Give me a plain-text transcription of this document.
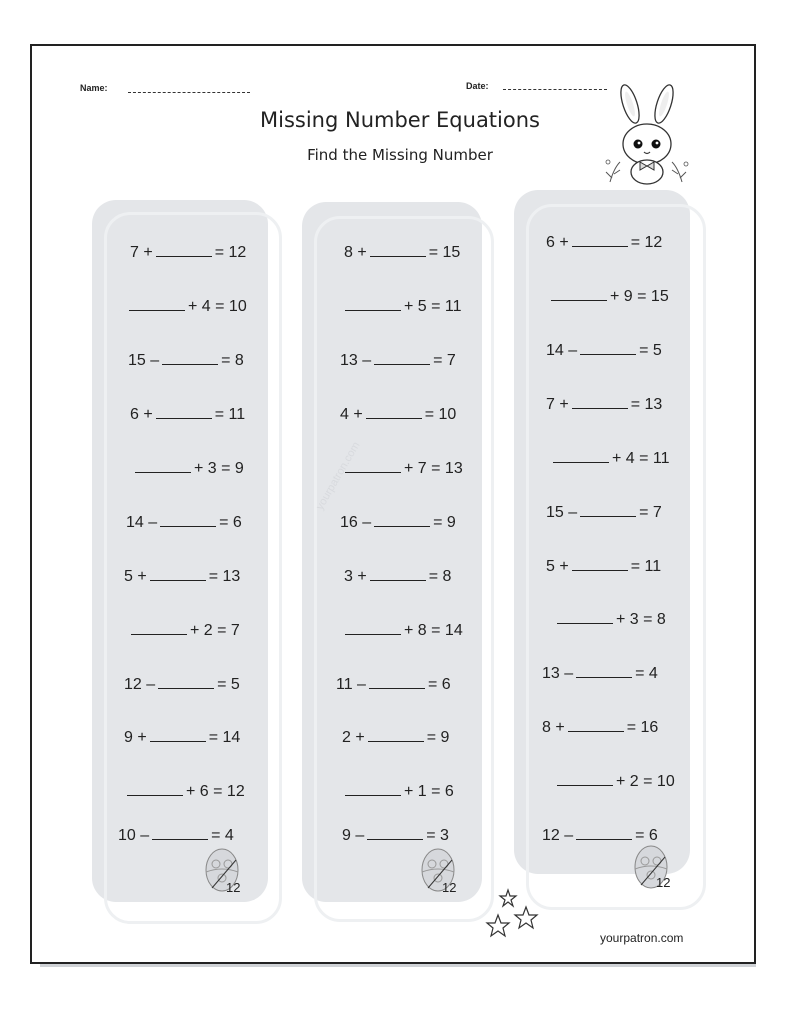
Name:	Date:
Missing Number Equations
Find the Missing Number
yourpatron.com
7 +	= 12
+ 4 = 10
15 –	= 8
6 +	= 11
+ 3 = 9
14 –	= 6
5 +	= 13
+ 2 = 7
12 –	= 5
9 +	= 14
+ 6 = 12
10 –	= 4
8 +	= 15
+ 5 = 11
13 –	= 7
4 +	= 10
+ 7 = 13
16 –	= 9
3 +	= 8
+ 8 = 14
11 –	= 6
2 +	= 9
+ 1 = 6
9 –	= 3
6 +	= 12
+ 9 = 15
14 –	= 5
7 +	= 13
+ 4 = 11
15 –	= 7
5 +	= 11
+ 3 = 8
13 –	= 4
8 +	= 16
+ 2 = 10
12 –	= 6
12	12	12
yourpatron.com
